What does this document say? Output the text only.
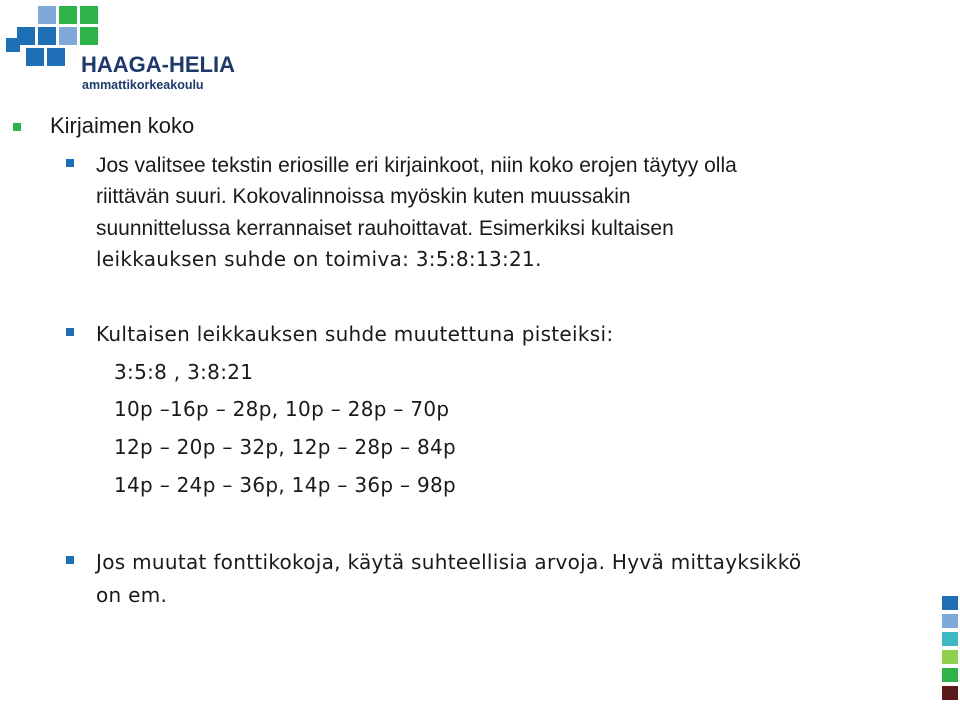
HAAGA-HELIA
ammattikorkeakoulu
Kirjaimen koko
Jos valitsee tekstin eriosille eri kirjainkoot, niin koko erojen täytyy olla
riittävän suuri. Kokovalinnoissa myöskin kuten muussakin
suunnittelussa kerrannaiset rauhoittavat. Esimerkiksi kultaisen
leikkauksen suhde on toimiva: 3:5:8:13:21.
Kultaisen leikkauksen suhde muutettuna pisteiksi:
3:5:8 , 3:8:21
10p –16p – 28p, 10p – 28p – 70p
12p – 20p – 32p, 12p – 28p – 84p
14p – 24p – 36p, 14p – 36p – 98p
Jos muutat fonttikokoja, käytä suhteellisia arvoja. Hyvä mittayksikkö
on em.
